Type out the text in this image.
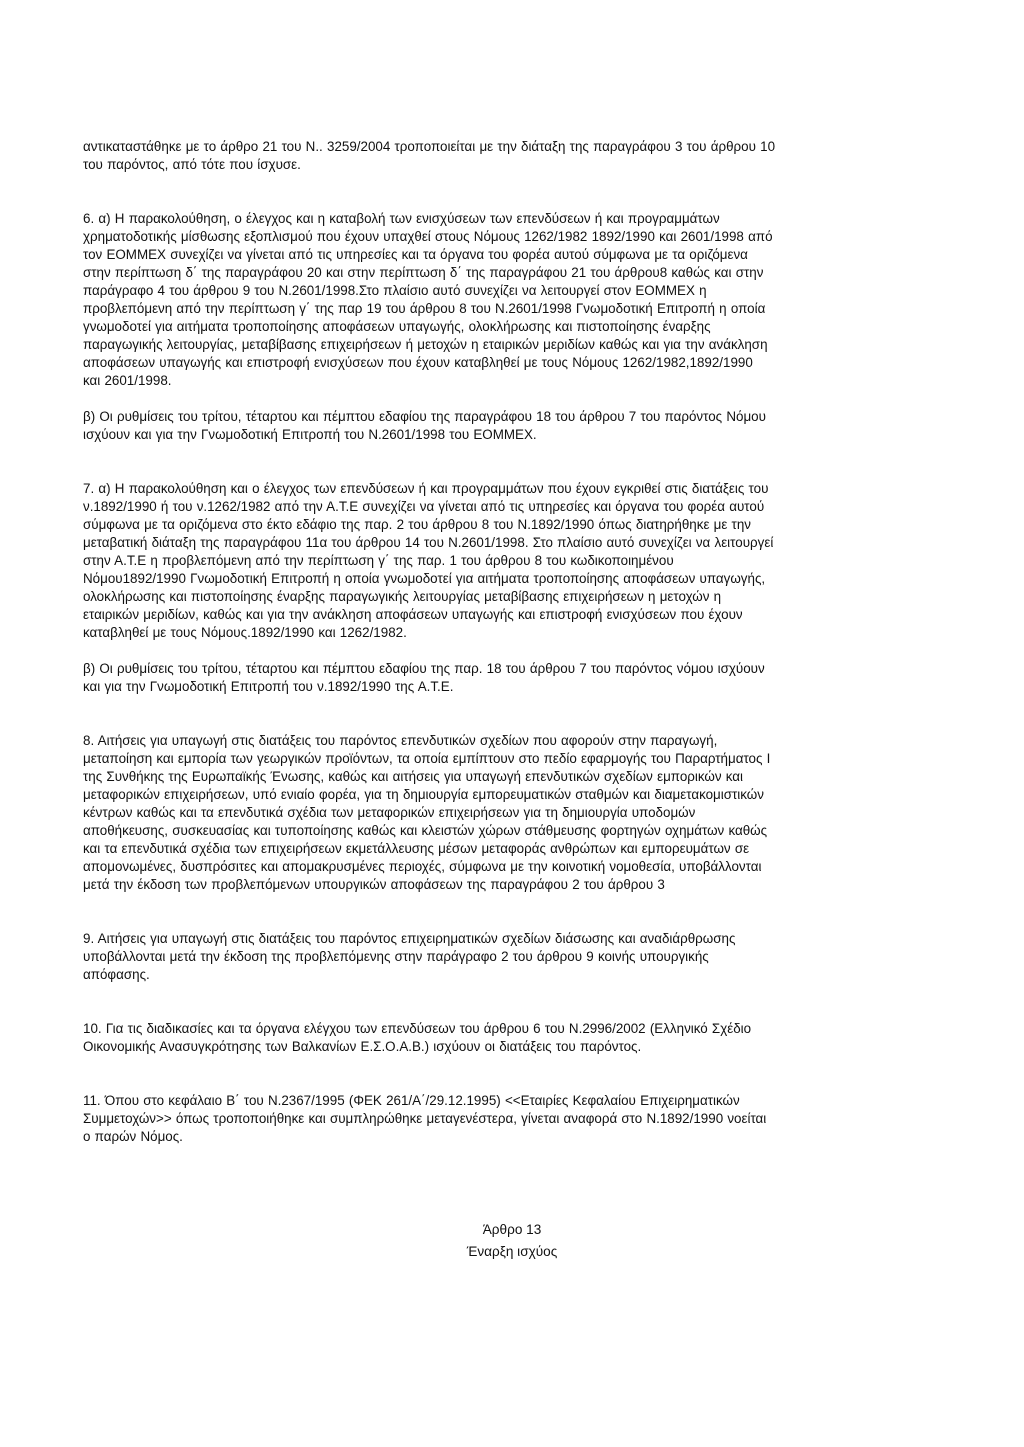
αντικαταστάθηκε με το άρθρο 21 του Ν.. 3259/2004 τροποποιείται με την διάταξη της παραγράφου 3 του άρθρου 10
του παρόντος, από τότε που ίσχυσε.

6. α) Η παρακολούθηση, ο έλεγχος και η καταβολή των ενισχύσεων των επενδύσεων ή και προγραμμάτων
χρηματοδοτικής μίσθωσης εξοπλισμού που έχουν υπαχθεί στους Νόμους 1262/1982 1892/1990 και 2601/1998 από
τον ΕΟΜΜΕΧ συνεχίζει να γίνεται από τις υπηρεσίες και τα όργανα του φορέα αυτού σύμφωνα με τα οριζόμενα
στην περίπτωση δ΄ της παραγράφου 20 και στην περίπτωση δ΄ της παραγράφου 21 του άρθρου8 καθώς και στην
παράγραφο 4 του άρθρου 9 του Ν.2601/1998.Στο πλαίσιο αυτό συνεχίζει να λειτουργεί στον ΕΟΜΜΕΧ η
προβλεπόμενη από την περίπτωση γ΄ της παρ 19 του άρθρου 8 του Ν.2601/1998 Γνωμοδοτική Επιτροπή η οποία
γνωμοδοτεί για αιτήματα τροποποίησης αποφάσεων υπαγωγής, ολοκλήρωσης και πιστοποίησης έναρξης
παραγωγικής λειτουργίας, μεταβίβασης επιχειρήσεων ή μετοχών η εταιρικών μεριδίων καθώς και για την ανάκληση
αποφάσεων υπαγωγής και επιστροφή ενισχύσεων που έχουν καταβληθεί με τους Νόμους 1262/1982,1892/1990
και 2601/1998.

β) Οι ρυθμίσεις του τρίτου, τέταρτου και πέμπτου εδαφίου της παραγράφου 18 του άρθρου 7 του παρόντος Νόμου
ισχύουν και για την Γνωμοδοτική Επιτροπή του Ν.2601/1998 του ΕΟΜΜΕΧ.

7. α) Η παρακολούθηση και ο έλεγχος των επενδύσεων ή και προγραμμάτων που έχουν εγκριθεί στις διατάξεις του
ν.1892/1990 ή του ν.1262/1982 από την Α.Τ.Ε συνεχίζει να γίνεται από τις υπηρεσίες και όργανα του φορέα αυτού
σύμφωνα με τα οριζόμενα στο έκτο εδάφιο της παρ. 2 του άρθρου 8 του Ν.1892/1990 όπως διατηρήθηκε με την
μεταβατική διάταξη της παραγράφου 11α του άρθρου 14 του Ν.2601/1998. Στο πλαίσιο αυτό συνεχίζει να λειτουργεί
στην Α.Τ.Ε η προβλεπόμενη από την περίπτωση γ΄ της παρ. 1 του άρθρου 8 του κωδικοποιημένου
Νόμου1892/1990 Γνωμοδοτική Επιτροπή η οποία γνωμοδοτεί για αιτήματα τροποποίησης αποφάσεων υπαγωγής,
ολοκλήρωσης και πιστοποίησης έναρξης παραγωγικής λειτουργίας μεταβίβασης επιχειρήσεων η μετοχών η
εταιρικών μεριδίων, καθώς και για την ανάκληση αποφάσεων υπαγωγής και επιστροφή ενισχύσεων που έχουν
καταβληθεί με τους Νόμους.1892/1990 και 1262/1982.

β) Οι ρυθμίσεις του τρίτου, τέταρτου και πέμπτου εδαφίου της παρ. 18 του άρθρου 7 του παρόντος νόμου ισχύουν
και για την Γνωμοδοτική Επιτροπή του ν.1892/1990 της Α.Τ.Ε.

8. Αιτήσεις για υπαγωγή στις διατάξεις του παρόντος επενδυτικών σχεδίων που αφορούν στην παραγωγή,
μεταποίηση και εμπορία των γεωργικών προϊόντων, τα οποία εμπίπτουν στο πεδίο εφαρμογής του Παραρτήματος Ι
της Συνθήκης της Ευρωπαϊκής Ένωσης, καθώς και αιτήσεις για υπαγωγή επενδυτικών σχεδίων εμπορικών και
μεταφορικών επιχειρήσεων, υπό ενιαίο φορέα, για τη δημιουργία εμπορευματικών σταθμών και διαμετακομιστικών
κέντρων καθώς και τα επενδυτικά σχέδια των μεταφορικών επιχειρήσεων για τη δημιουργία υποδομών
αποθήκευσης, συσκευασίας και τυποποίησης καθώς και κλειστών χώρων στάθμευσης φορτηγών οχημάτων καθώς
και τα επενδυτικά σχέδια των επιχειρήσεων εκμετάλλευσης μέσων μεταφοράς ανθρώπων και εμπορευμάτων σε
απομονωμένες, δυσπρόσιτες και απομακρυσμένες περιοχές, σύμφωνα με την κοινοτική νομοθεσία, υποβάλλονται
μετά την έκδοση των προβλεπόμενων υπουργικών αποφάσεων της παραγράφου 2 του άρθρου 3

9. Αιτήσεις για υπαγωγή στις διατάξεις του παρόντος επιχειρηματικών σχεδίων διάσωσης και αναδιάρθρωσης
υποβάλλονται μετά την έκδοση της προβλεπόμενης στην παράγραφο 2 του άρθρου 9 κοινής υπουργικής
απόφασης.

10. Για τις διαδικασίες και τα όργανα ελέγχου των επενδύσεων του άρθρου 6 του Ν.2996/2002 (Ελληνικό Σχέδιο
Οικονομικής Ανασυγκρότησης των Βαλκανίων Ε.Σ.Ο.Α.Β.) ισχύουν οι διατάξεις του παρόντος.

11. Όπου στο κεφάλαιο Β΄ του Ν.2367/1995 (ΦΕΚ 261/Α΄/29.12.1995) <<Εταιρίες Κεφαλαίου Επιχειρηματικών
Συμμετοχών>> όπως τροποποιήθηκε και συμπληρώθηκε μεταγενέστερα, γίνεται αναφορά στο Ν.1892/1990 νοείται
ο παρών Νόμος.

Άρθρο 13
Έναρξη ισχύος
